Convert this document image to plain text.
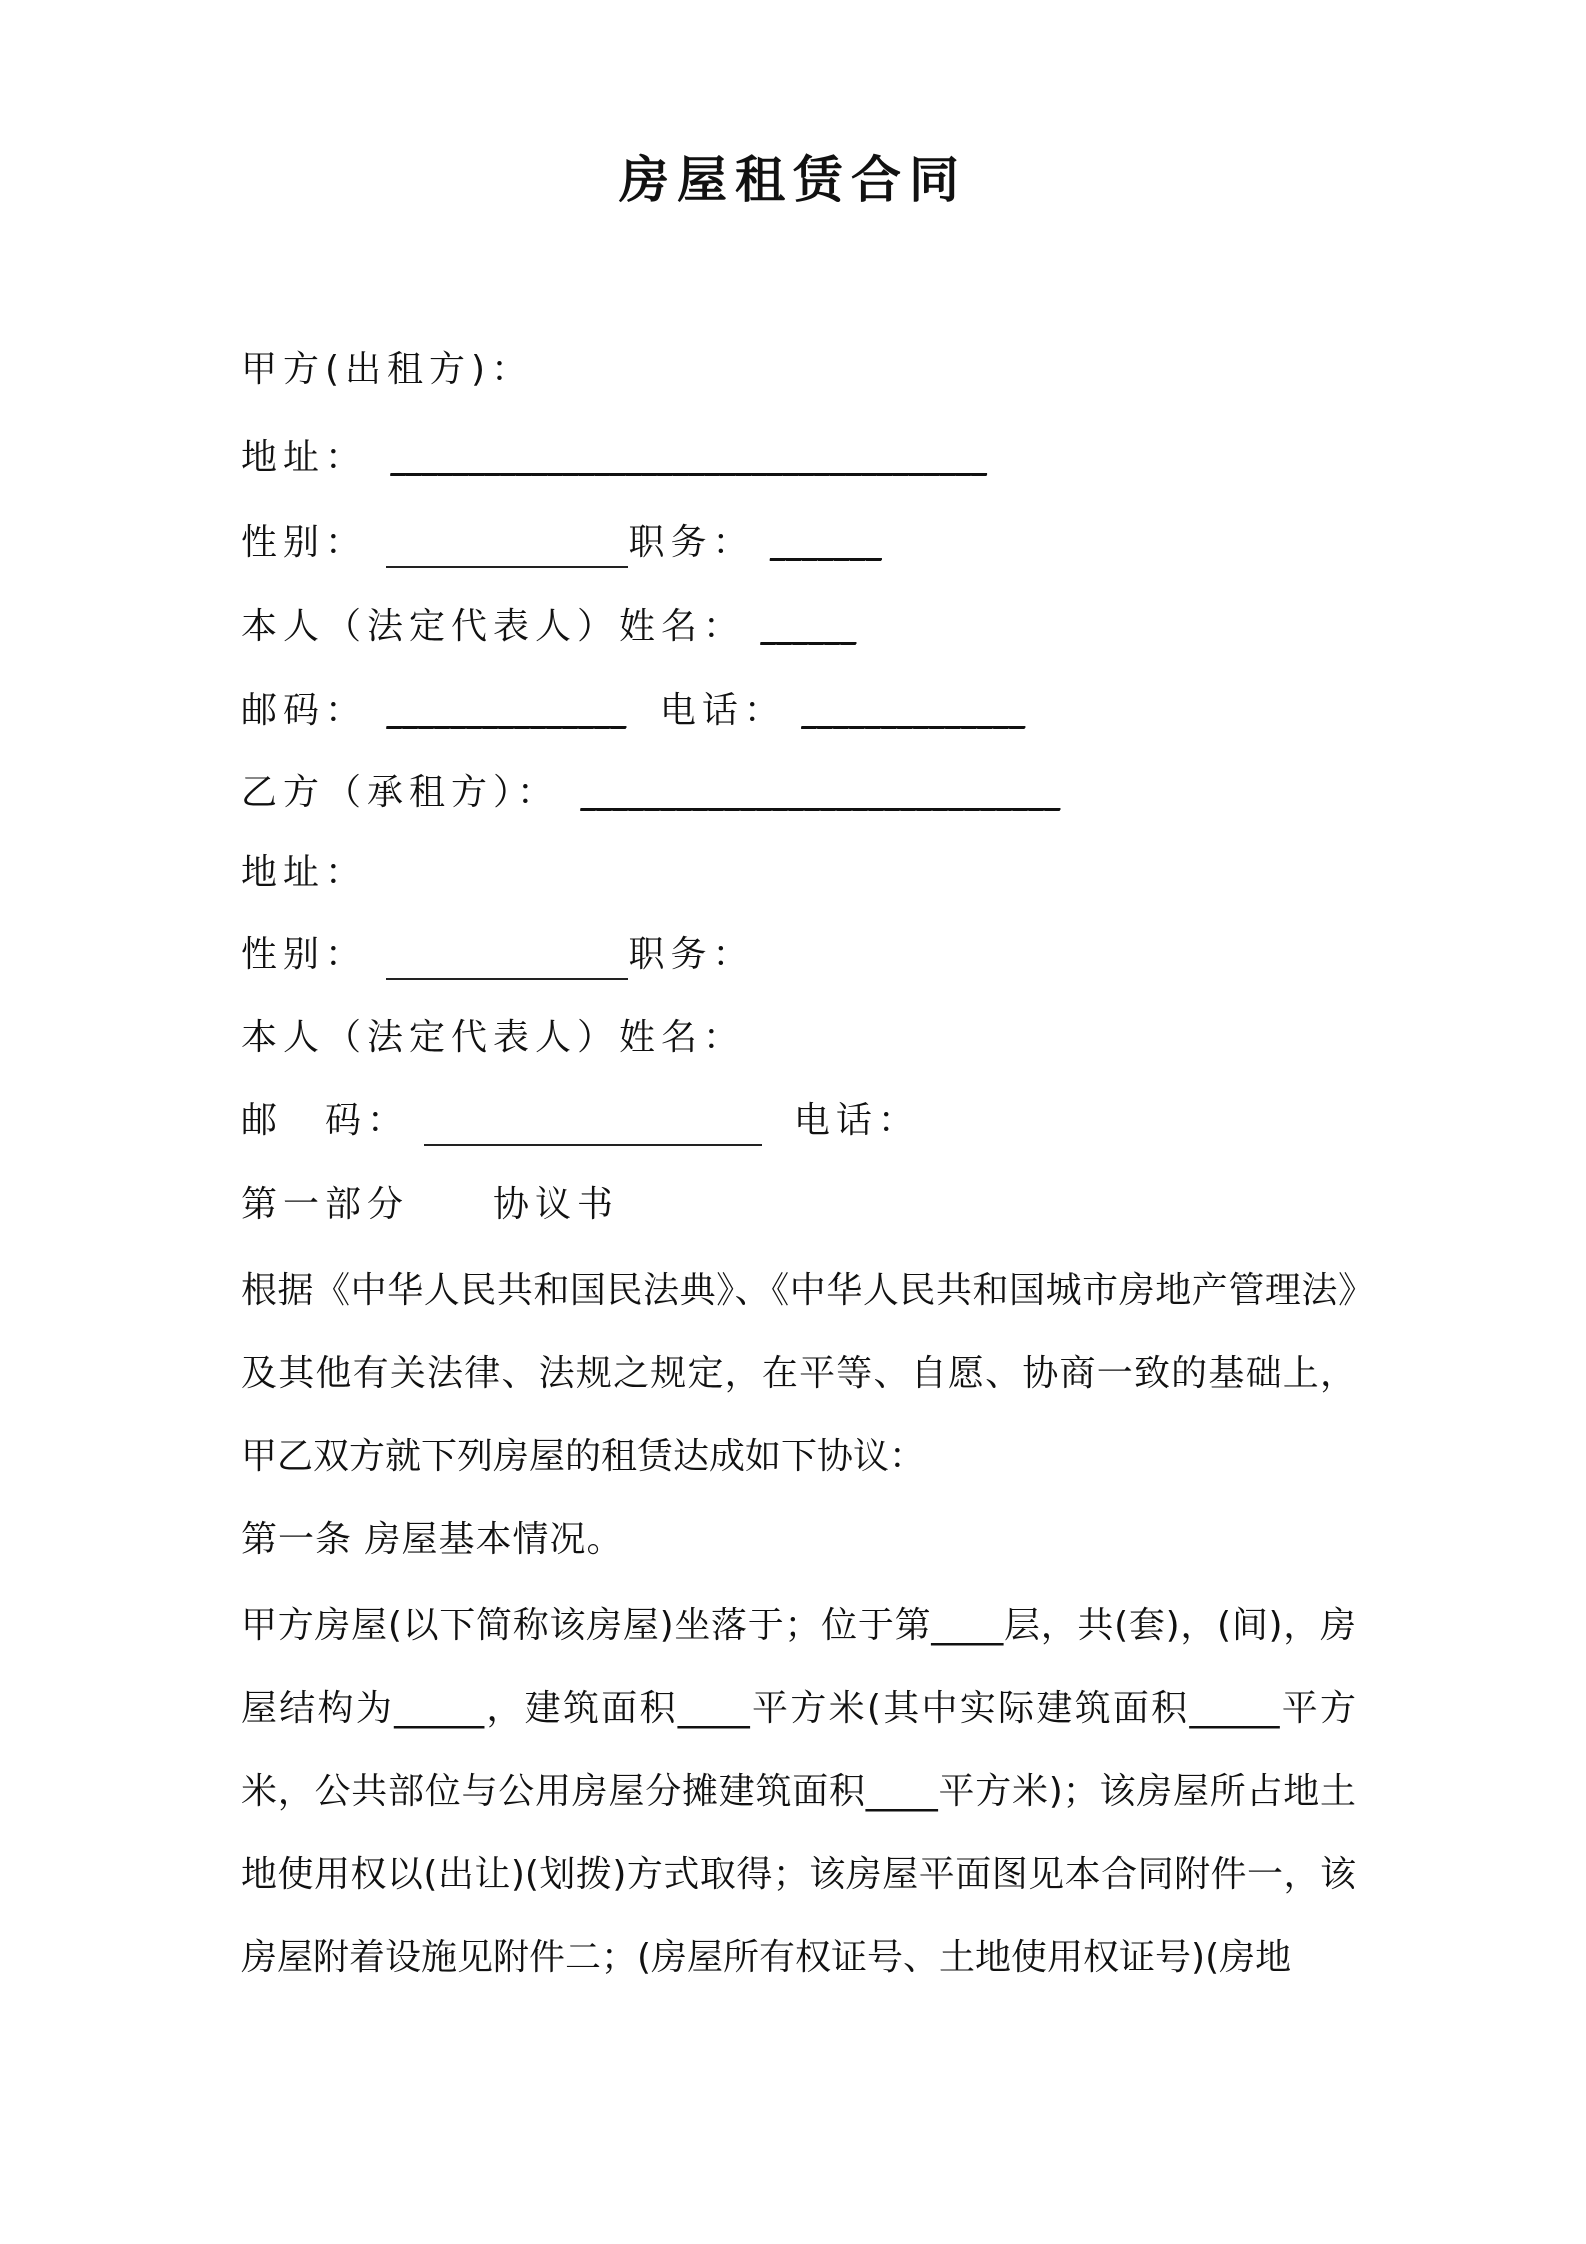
房屋租赁合同
甲方(出租方)：
地址： ______________________________________
性别：	职务： _______
本人（法定代表人）姓名： ______
邮码： _______________ 电话： ______________
乙方（承租方）： ______________________________
地址：
性别：	职务：
本人（法定代表人）姓名：
邮　码：	电话：
第一部分　　协议书
根据《中华人民共和国民法典》、《中华人民共和国城市房地产管理法》及其他有关法律、法规之规定，在平等、自愿、协商一致的基础上，甲乙双方就下列房屋的租赁达成如下协议：
第一条 房屋基本情况。
甲方房屋(以下简称该房屋)坐落于；位于第____层，共(套)，(间)，房屋结构为_____，建筑面积____平方米(其中实际建筑面积_____平方米，公共部位与公用房屋分摊建筑面积____平方米)；该房屋所占地土地使用权以(出让)(划拨)方式取得；该房屋平面图见本合同附件一，该房屋附着设施见附件二；(房屋所有权证号、土地使用权证号)(房地
